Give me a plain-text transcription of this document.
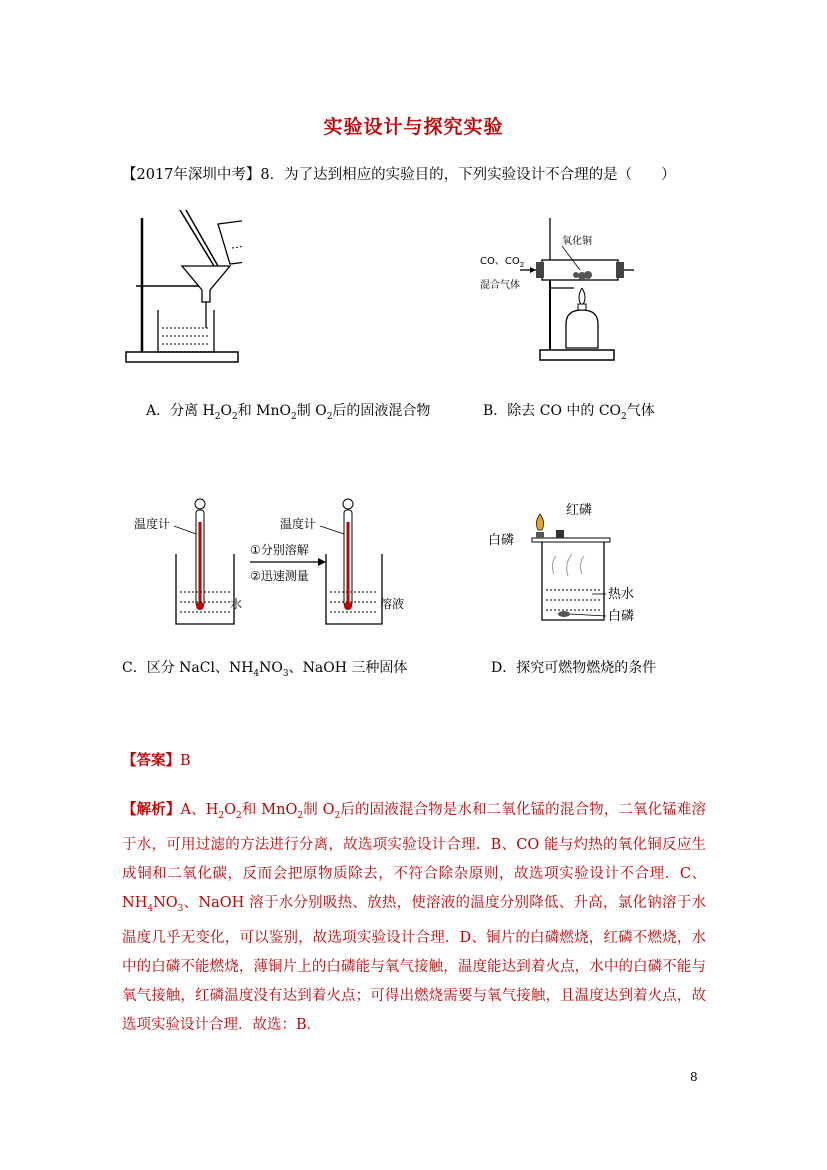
实验设计与探究实验
【2017年深圳中考】8．为了达到相应的实验目的，下列实验设计不合理的是（　　）
CO、$CO_2$
混合气体
氧化铜
A．分离 $H_2O_2$和 MnO$_2$制 $O_2$后的固液混合物	B．除去 CO 中的 $CO_2$气体
温度计
水
①分别溶解
②迅速测量
温度计
溶液
红磷
白磷
热水
白磷
C．区分 NaCl、$NH_4NO_3$、NaOH 三种固体	D．探究可燃物燃烧的条件
【答案】B
【解析】A、$H_2O_2$和 MnO$_2$制 $O_2$后的固液混合物是水和二氧化锰的混合物，二氧化锰难溶于水，可用过滤的方法进行分离，故选项实验设计合理．B、CO 能与灼热的氧化铜反应生成铜和二氧化碳，反而会把原物质除去，不符合除杂原则，故选项实验设计不合理．C、$NH_4NO_3$、NaOH 溶于水分别吸热、放热，使溶液的温度分别降低、升高，氯化钠溶于水温度几乎无变化，可以鉴别，故选项实验设计合理．D、铜片的白磷燃烧，红磷不燃烧，水中的白磷不能燃烧，薄铜片上的白磷能与氧气接触，温度能达到着火点，水中的白磷不能与氧气接触，红磷温度没有达到着火点；可得出燃烧需要与氧气接触，且温度达到着火点，故选项实验设计合理．故选：B．
8
